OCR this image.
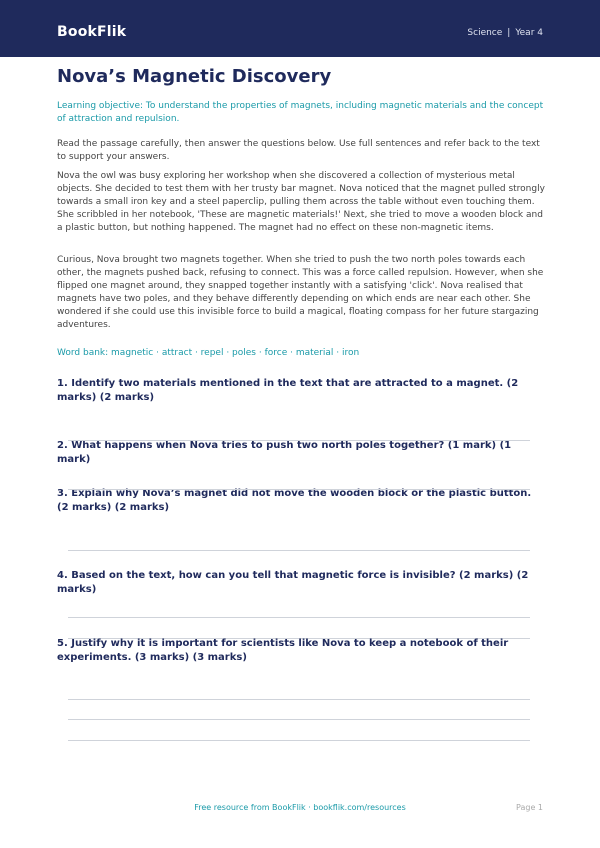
BookFlik	Science | Year 4
Nova’s Magnetic Discovery
Learning objective: To understand the properties of magnets, including magnetic materials and the concept of attraction and repulsion.

Read the passage carefully, then answer the questions below. Use full sentences and refer back to the text to support your answers.

Nova the owl was busy exploring her workshop when she discovered a collection of mysterious metal objects. She decided to test them with her trusty bar magnet. Nova noticed that the magnet pulled strongly towards a small iron key and a steel paperclip, pulling them across the table without even touching them. She scribbled in her notebook, 'These are magnetic materials!' Next, she tried to move a wooden block and a plastic button, but nothing happened. The magnet had no effect on these non-magnetic items.

Curious, Nova brought two magnets together. When she tried to push the two north poles towards each other, the magnets pushed back, refusing to connect. This was a force called repulsion. However, when she flipped one magnet around, they snapped together instantly with a satisfying 'click'. Nova realised that magnets have two poles, and they behave differently depending on which ends are near each other. She wondered if she could use this invisible force to build a magical, floating compass for her future stargazing adventures.

Word bank: magnetic · attract · repel · poles · force · material · iron
1. Identify two materials mentioned in the text that are attracted to a magnet. (2 marks) (2 marks)
2. What happens when Nova tries to push two north poles together? (1 mark) (1 mark)
3. Explain why Nova’s magnet did not move the wooden block or the plastic button. (2 marks) (2 marks)
4. Based on the text, how can you tell that magnetic force is invisible? (2 marks) (2 marks)
5. Justify why it is important for scientists like Nova to keep a notebook of their experiments. (3 marks) (3 marks)
Free resource from BookFlik · bookflik.com/resources	Page 1
